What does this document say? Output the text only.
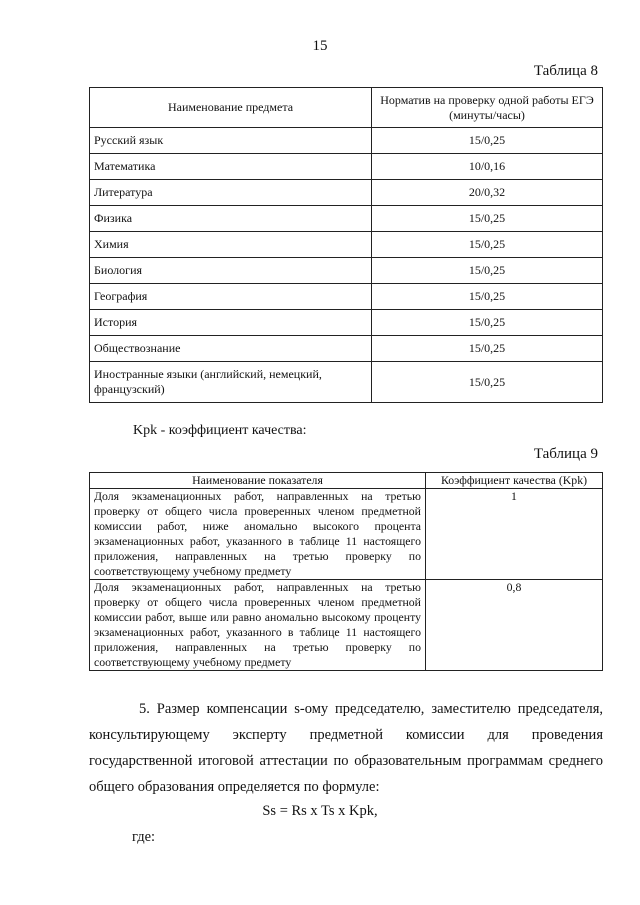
15
Таблица 8
Наименование предмета	Норматив на проверку одной работы ЕГЭ (минуты/часы)
Русский язык	15/0,25
Математика	10/0,16
Литература	20/0,32
Физика	15/0,25
Химия	15/0,25
Биология	15/0,25
География	15/0,25
История	15/0,25
Обществознание	15/0,25
Иностранные языки (английский, немецкий, французский)	15/0,25
Kpk - коэффициент качества:
Таблица 9
Наименование показателя	Коэффициент качества (Kpk)
Доля экзаменационных работ, направленных на третью проверку от общего числа проверенных членом предметной комиссии работ, ниже аномально высокого процента экзаменационных работ, указанного в таблице 11 настоящего приложения, направленных на третью проверку по соответствующему учебному предмету	1
Доля экзаменационных работ, направленных на третью проверку от общего числа проверенных членом предметной комиссии работ, выше или равно аномально высокому проценту экзаменационных работ, указанного в таблице 11 настоящего приложения, направленных на третью проверку по соответствующему учебному предмету	0,8
5. Размер компенсации s-ому председателю, заместителю председателя, консультирующему эксперту предметной комиссии для проведения государственной итоговой аттестации по образовательным программам среднего общего образования определяется по формуле:
Ss = Rs x Ts x Kpk,
где:
